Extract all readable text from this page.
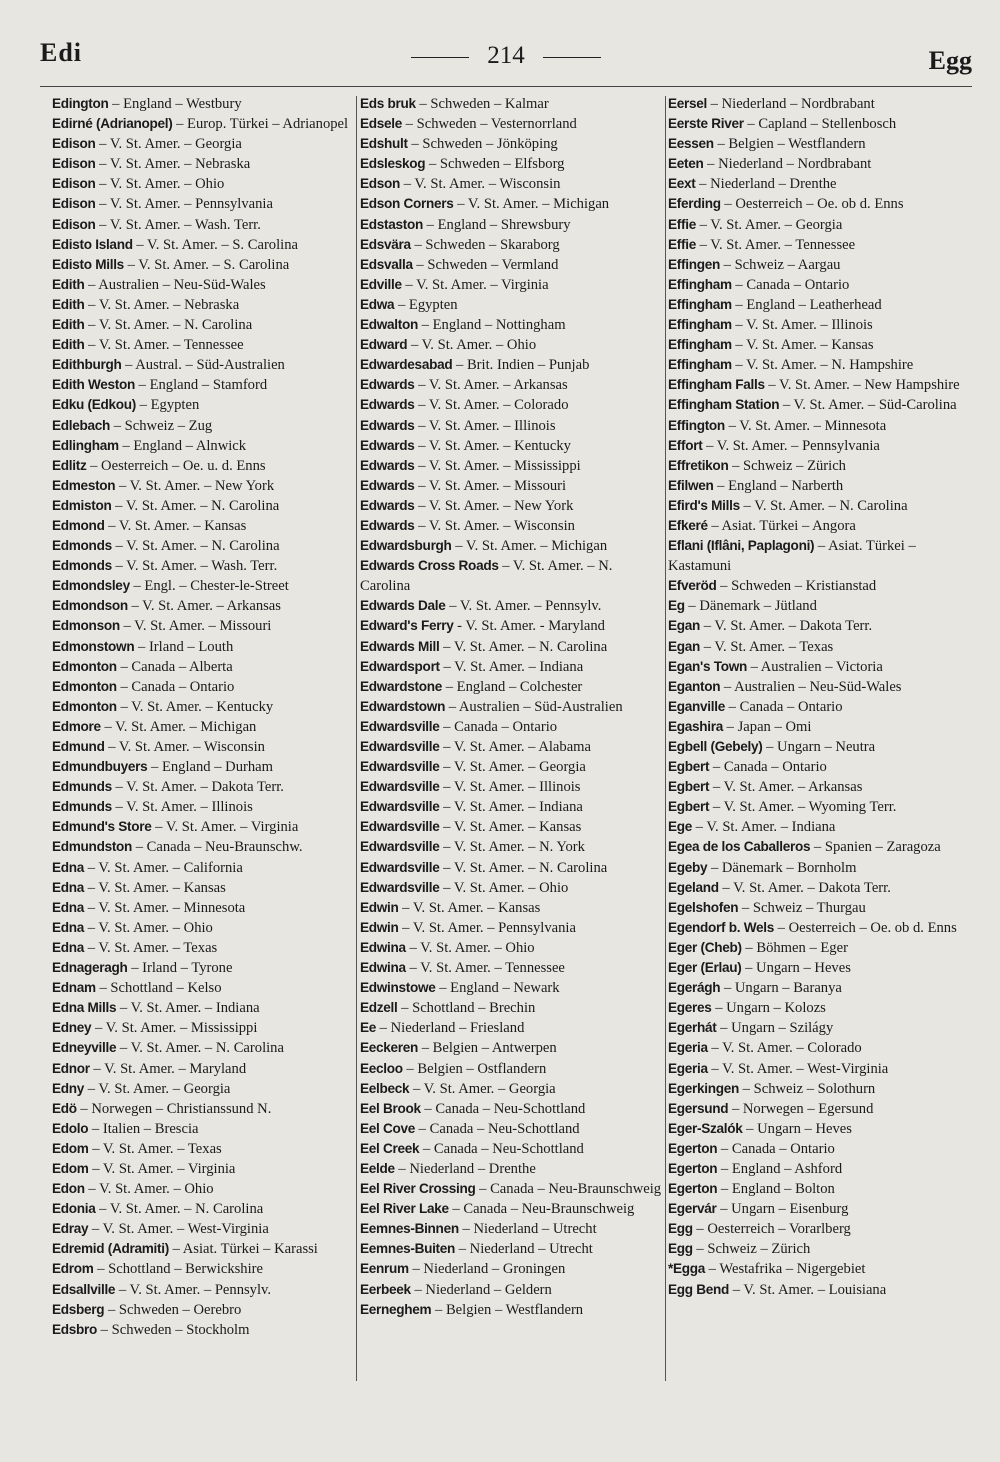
Edi	214	Egg
Edington – England – Westbury
Edirné (Adrianopel) – Europ. Türkei – Adrianopel
Edison – V. St. Amer. – Georgia
Edison – V. St. Amer. – Nebraska
Edison – V. St. Amer. – Ohio
Edison – V. St. Amer. – Pennsylvania
Edison – V. St. Amer. – Wash. Terr.
Edisto Island – V. St. Amer. – S. Carolina
Edisto Mills – V. St. Amer. – S. Carolina
Edith – Australien – Neu-Süd-Wales
Edith – V. St. Amer. – Nebraska
Edith – V. St. Amer. – N. Carolina
Edith – V. St. Amer. – Tennessee
Edithburgh – Austral. – Süd-Australien
Edith Weston – England – Stamford
Edku (Edkou) – Egypten
Edlebach – Schweiz – Zug
Edlingham – England – Alnwick
Edlitz – Oesterreich – Oe. u. d. Enns
Edmeston – V. St. Amer. – New York
Edmiston – V. St. Amer. – N. Carolina
Edmond – V. St. Amer. – Kansas
Edmonds – V. St. Amer. – N. Carolina
Edmonds – V. St. Amer. – Wash. Terr.
Edmondsley – Engl. – Chester-le-Street
Edmondson – V. St. Amer. – Arkansas
Edmonson – V. St. Amer. – Missouri
Edmonstown – Irland – Louth
Edmonton – Canada – Alberta
Edmonton – Canada – Ontario
Edmonton – V. St. Amer. – Kentucky
Edmore – V. St. Amer. – Michigan
Edmund – V. St. Amer. – Wisconsin
Edmundbuyers – England – Durham
Edmunds – V. St. Amer. – Dakota Terr.
Edmunds – V. St. Amer. – Illinois
Edmund's Store – V. St. Amer. – Virginia
Edmundston – Canada – Neu-Braunschw.
Edna – V. St. Amer. – California
Edna – V. St. Amer. – Kansas
Edna – V. St. Amer. – Minnesota
Edna – V. St. Amer. – Ohio
Edna – V. St. Amer. – Texas
Ednageragh – Irland – Tyrone
Ednam – Schottland – Kelso
Edna Mills – V. St. Amer. – Indiana
Edney – V. St. Amer. – Mississippi
Edneyville – V. St. Amer. – N. Carolina
Ednor – V. St. Amer. – Maryland
Edny – V. St. Amer. – Georgia
Edö – Norwegen – Christianssund N.
Edolo – Italien – Brescia
Edom – V. St. Amer. – Texas
Edom – V. St. Amer. – Virginia
Edon – V. St. Amer. – Ohio
Edonia – V. St. Amer. – N. Carolina
Edray – V. St. Amer. – West-Virginia
Edremid (Adramiti) – Asiat. Türkei – Karassi
Edrom – Schottland – Berwickshire
Edsallville – V. St. Amer. – Pennsylv.
Edsberg – Schweden – Oerebro
Edsbro – Schweden – Stockholm
Eds bruk – Schweden – Kalmar
Edsele – Schweden – Vesternorrland
Edshult – Schweden – Jönköping
Edsleskog – Schweden – Elfsborg
Edson – V. St. Amer. – Wisconsin
Edson Corners – V. St. Amer. – Michigan
Edstaston – England – Shrewsbury
Edsvära – Schweden – Skaraborg
Edsvalla – Schweden – Vermland
Edville – V. St. Amer. – Virginia
Edwa – Egypten
Edwalton – England – Nottingham
Edward – V. St. Amer. – Ohio
Edwardesabad – Brit. Indien – Punjab
Edwards – V. St. Amer. – Arkansas
Edwards – V. St. Amer. – Colorado
Edwards – V. St. Amer. – Illinois
Edwards – V. St. Amer. – Kentucky
Edwards – V. St. Amer. – Mississippi
Edwards – V. St. Amer. – Missouri
Edwards – V. St. Amer. – New York
Edwards – V. St. Amer. – Wisconsin
Edwardsburgh – V. St. Amer. – Michigan
Edwards Cross Roads – V. St. Amer. – N. Carolina
Edwards Dale – V. St. Amer. – Pennsylv.
Edward's Ferry - V. St. Amer. - Maryland
Edwards Mill – V. St. Amer. – N. Carolina
Edwardsport – V. St. Amer. – Indiana
Edwardstone – England – Colchester
Edwardstown – Australien – Süd-Australien
Edwardsville – Canada – Ontario
Edwardsville – V. St. Amer. – Alabama
Edwardsville – V. St. Amer. – Georgia
Edwardsville – V. St. Amer. – Illinois
Edwardsville – V. St. Amer. – Indiana
Edwardsville – V. St. Amer. – Kansas
Edwardsville – V. St. Amer. – N. York
Edwardsville – V. St. Amer. – N. Carolina
Edwardsville – V. St. Amer. – Ohio
Edwin – V. St. Amer. – Kansas
Edwin – V. St. Amer. – Pennsylvania
Edwina – V. St. Amer. – Ohio
Edwina – V. St. Amer. – Tennessee
Edwinstowe – England – Newark
Edzell – Schottland – Brechin
Ee – Niederland – Friesland
Eeckeren – Belgien – Antwerpen
Eecloo – Belgien – Ostflandern
Eelbeck – V. St. Amer. – Georgia
Eel Brook – Canada – Neu-Schottland
Eel Cove – Canada – Neu-Schottland
Eel Creek – Canada – Neu-Schottland
Eelde – Niederland – Drenthe
Eel River Crossing – Canada – Neu-Braunschweig
Eel River Lake – Canada – Neu-Braunschweig
Eemnes-Binnen – Niederland – Utrecht
Eemnes-Buiten – Niederland – Utrecht
Eenrum – Niederland – Groningen
Eerbeek – Niederland – Geldern
Eerneghem – Belgien – Westflandern
Eersel – Niederland – Nordbrabant
Eerste River – Capland – Stellenbosch
Eessen – Belgien – Westflandern
Eeten – Niederland – Nordbrabant
Eext – Niederland – Drenthe
Eferding – Oesterreich – Oe. ob d. Enns
Effie – V. St. Amer. – Georgia
Effie – V. St. Amer. – Tennessee
Effingen – Schweiz – Aargau
Effingham – Canada – Ontario
Effingham – England – Leatherhead
Effingham – V. St. Amer. – Illinois
Effingham – V. St. Amer. – Kansas
Effingham – V. St. Amer. – N. Hampshire
Effingham Falls – V. St. Amer. – New Hampshire
Effingham Station – V. St. Amer. – Süd-Carolina
Effington – V. St. Amer. – Minnesota
Effort – V. St. Amer. – Pennsylvania
Effretikon – Schweiz – Zürich
Efilwen – England – Narberth
Efird's Mills – V. St. Amer. – N. Carolina
Efkeré – Asiat. Türkei – Angora
Eflani (Iflâni, Paplagoni) – Asiat. Türkei – Kastamuni
Efveröd – Schweden – Kristianstad
Eg – Dänemark – Jütland
Egan – V. St. Amer. – Dakota Terr.
Egan – V. St. Amer. – Texas
Egan's Town – Australien – Victoria
Eganton – Australien – Neu-Süd-Wales
Eganville – Canada – Ontario
Egashira – Japan – Omi
Egbell (Gebely) – Ungarn – Neutra
Egbert – Canada – Ontario
Egbert – V. St. Amer. – Arkansas
Egbert – V. St. Amer. – Wyoming Terr.
Ege – V. St. Amer. – Indiana
Egea de los Caballeros – Spanien – Zaragoza
Egeby – Dänemark – Bornholm
Egeland – V. St. Amer. – Dakota Terr.
Egelshofen – Schweiz – Thurgau
Egendorf b. Wels – Oesterreich – Oe. ob d. Enns
Eger (Cheb) – Böhmen – Eger
Eger (Erlau) – Ungarn – Heves
Egerágh – Ungarn – Baranya
Egeres – Ungarn – Kolozs
Egerhát – Ungarn – Szilágy
Egeria – V. St. Amer. – Colorado
Egeria – V. St. Amer. – West-Virginia
Egerkingen – Schweiz – Solothurn
Egersund – Norwegen – Egersund
Eger-Szalók – Ungarn – Heves
Egerton – Canada – Ontario
Egerton – England – Ashford
Egerton – England – Bolton
Egervár – Ungarn – Eisenburg
Egg – Oesterreich – Vorarlberg
Egg – Schweiz – Zürich
*Egga – Westafrika – Nigergebiet
Egg Bend – V. St. Amer. – Louisiana
